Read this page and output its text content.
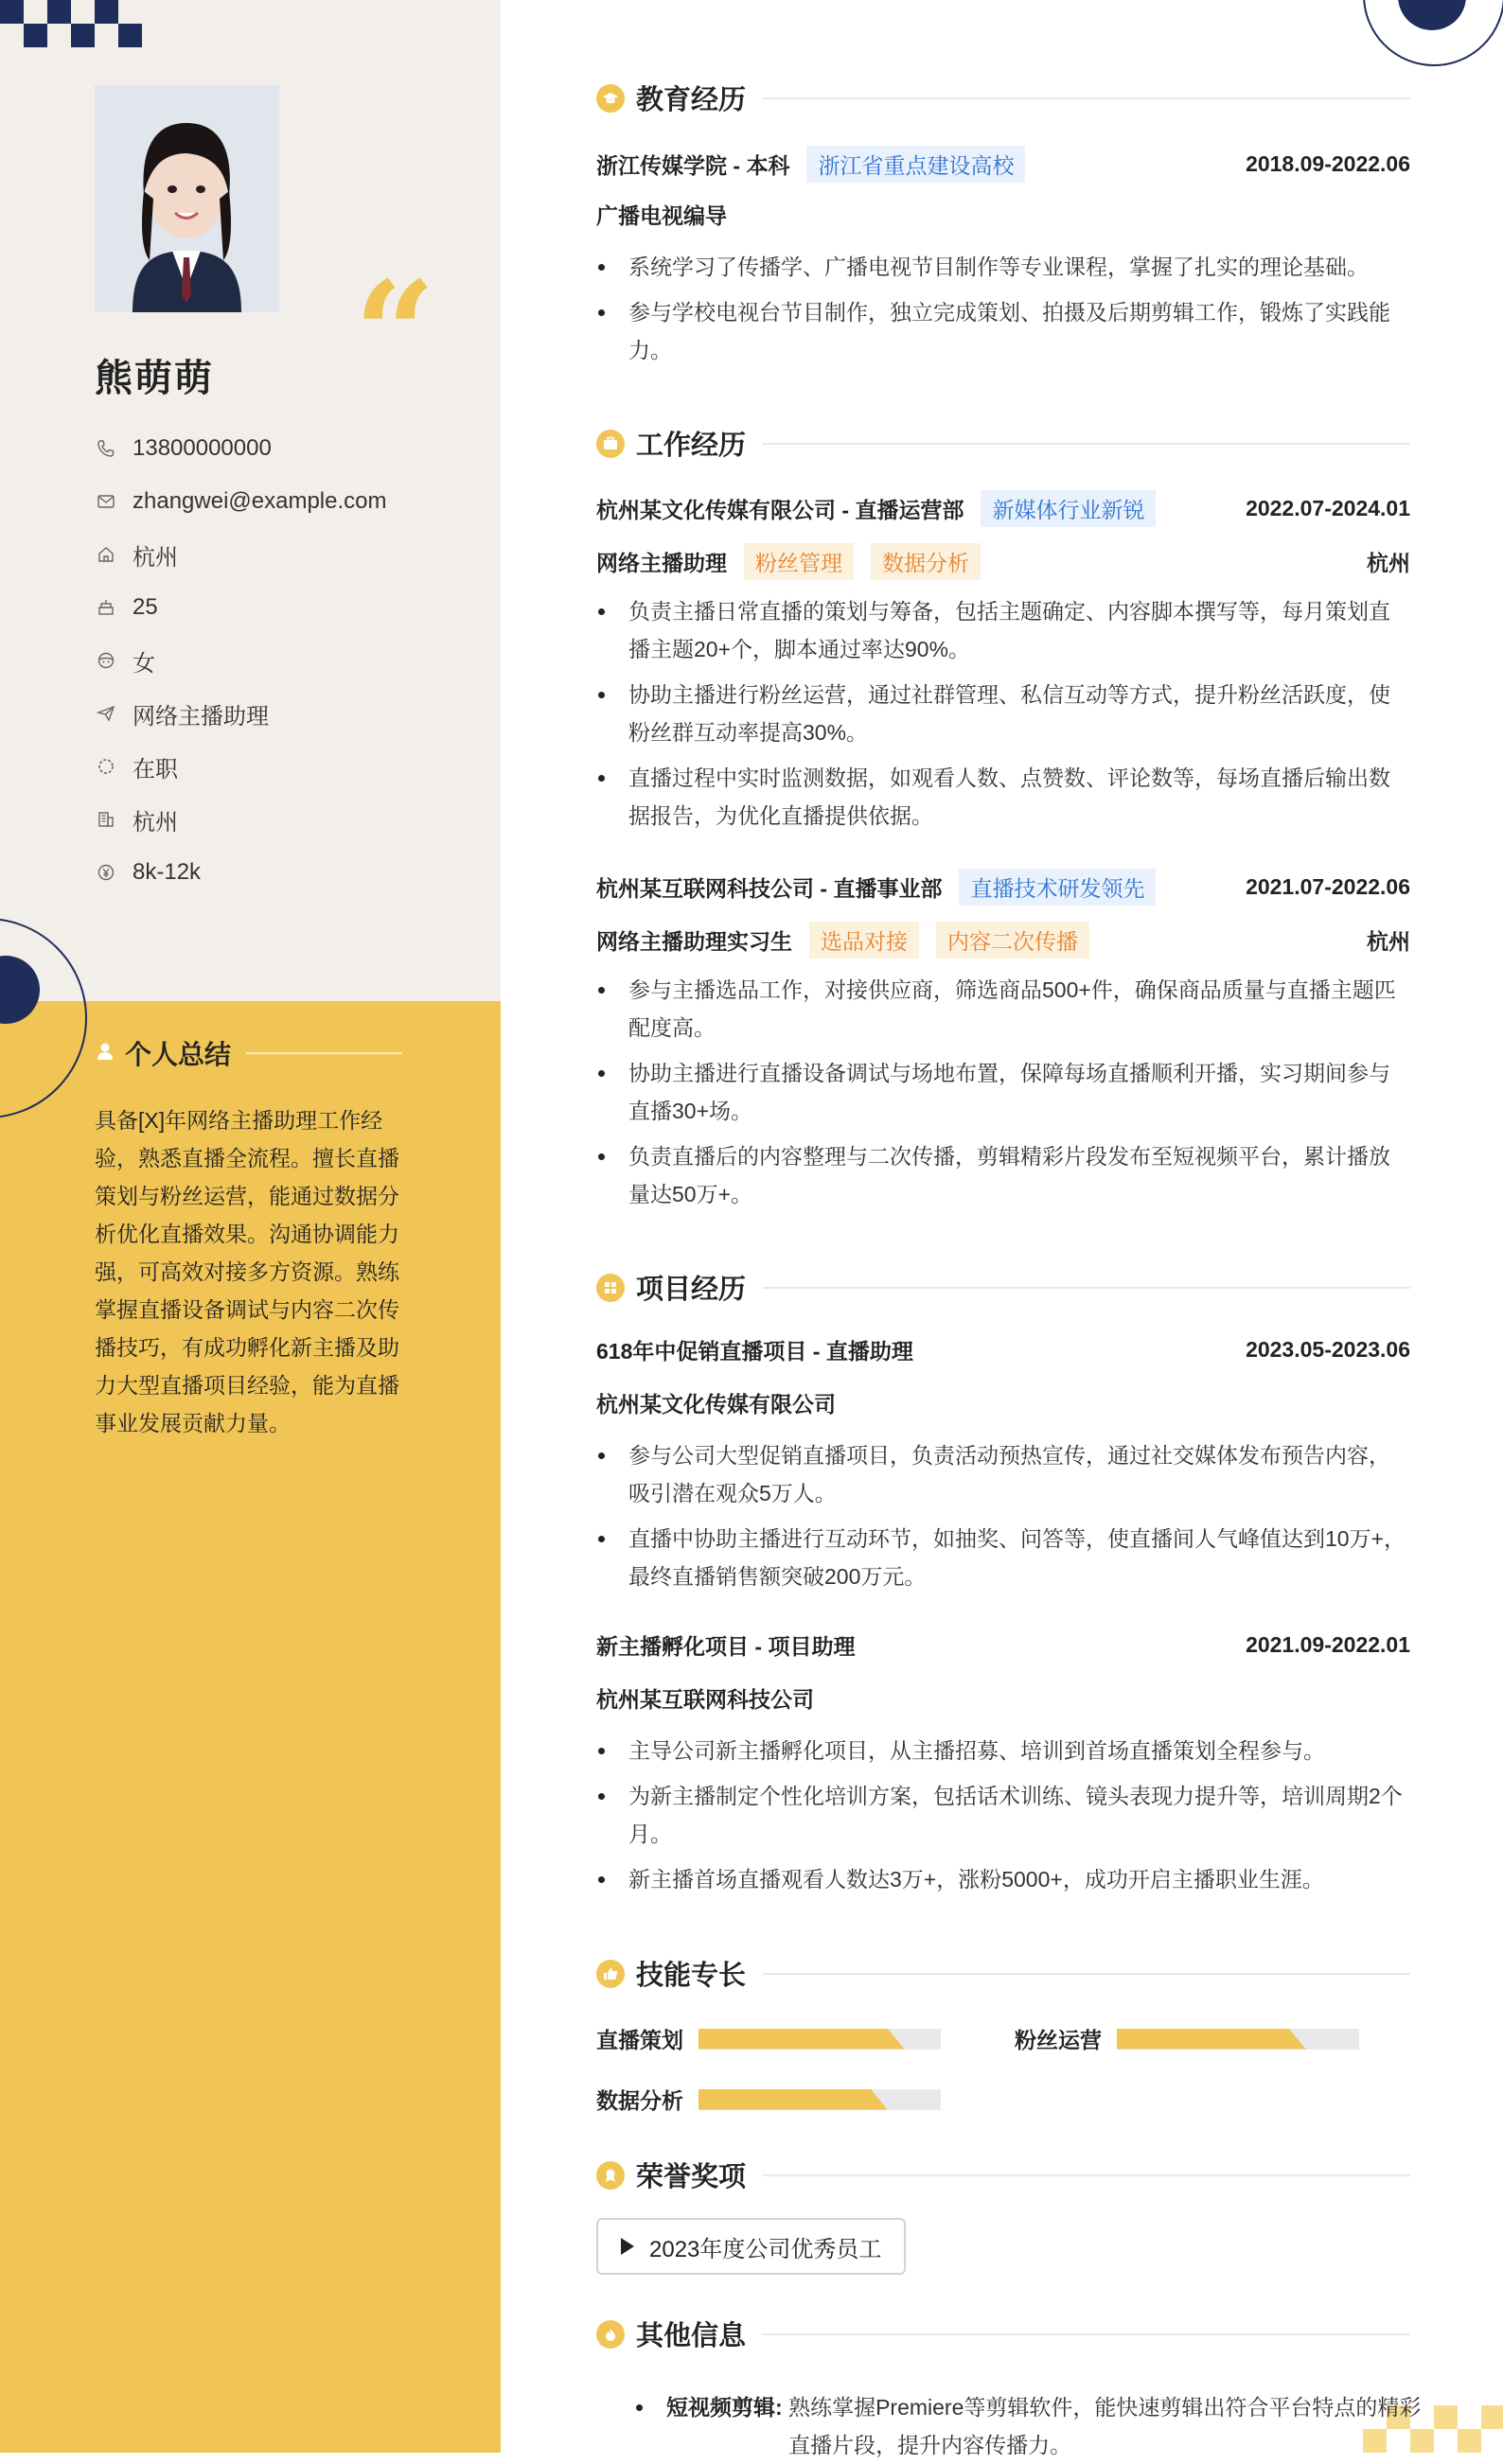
“
熊萌萌
13800000000
zhangwei@example.com
杭州
25
女
网络主播助理
在职
杭州
8k-12k
个人总结
具备[X]年网络主播助理工作经验，熟悉直播全流程。擅长直播策划与粉丝运营，能通过数据分析优化直播效果。沟通协调能力强，可高效对接多方资源。熟练掌握直播设备调试与内容二次传播技巧，有成功孵化新主播及助力大型直播项目经验，能为直播事业发展贡献力量。
教育经历
浙江传媒学院 - 本科	浙江省重点建设高校	2018.09-2022.06
广播电视编导
系统学习了传播学、广播电视节目制作等专业课程，掌握了扎实的理论基础。
参与学校电视台节目制作，独立完成策划、拍摄及后期剪辑工作，锻炼了实践能力。
工作经历
杭州某文化传媒有限公司 - 直播运营部	新媒体行业新锐	2022.07-2024.01
网络主播助理	粉丝管理	数据分析	杭州
负责主播日常直播的策划与筹备，包括主题确定、内容脚本撰写等，每月策划直播主题20+个，脚本通过率达90%。
协助主播进行粉丝运营，通过社群管理、私信互动等方式，提升粉丝活跃度，使粉丝群互动率提高30%。
直播过程中实时监测数据，如观看人数、点赞数、评论数等，每场直播后输出数据报告，为优化直播提供依据。
杭州某互联网科技公司 - 直播事业部	直播技术研发领先	2021.07-2022.06
网络主播助理实习生	选品对接	内容二次传播	杭州
参与主播选品工作，对接供应商，筛选商品500+件，确保商品质量与直播主题匹配度高。
协助主播进行直播设备调试与场地布置，保障每场直播顺利开播，实习期间参与直播30+场。
负责直播后的内容整理与二次传播，剪辑精彩片段发布至短视频平台，累计播放量达50万+。
项目经历
618年中促销直播项目 - 直播助理	2023.05-2023.06
杭州某文化传媒有限公司
参与公司大型促销直播项目，负责活动预热宣传，通过社交媒体发布预告内容，吸引潜在观众5万人。
直播中协助主播进行互动环节，如抽奖、问答等，使直播间人气峰值达到10万+，最终直播销售额突破200万元。
新主播孵化项目 - 项目助理	2021.09-2022.01
杭州某互联网科技公司
主导公司新主播孵化项目，从主播招募、培训到首场直播策划全程参与。
为新主播制定个性化培训方案，包括话术训练、镜头表现力提升等，培训周期2个月。
新主播首场直播观看人数达3万+，涨粉5000+，成功开启主播职业生涯。
技能专长
直播策划	粉丝运营
数据分析
荣誉奖项
2023年度公司优秀员工
其他信息
短视频剪辑: 熟练掌握Premiere等剪辑软件，能快速剪辑出符合平台特点的精彩直播片段，提升内容传播力。
